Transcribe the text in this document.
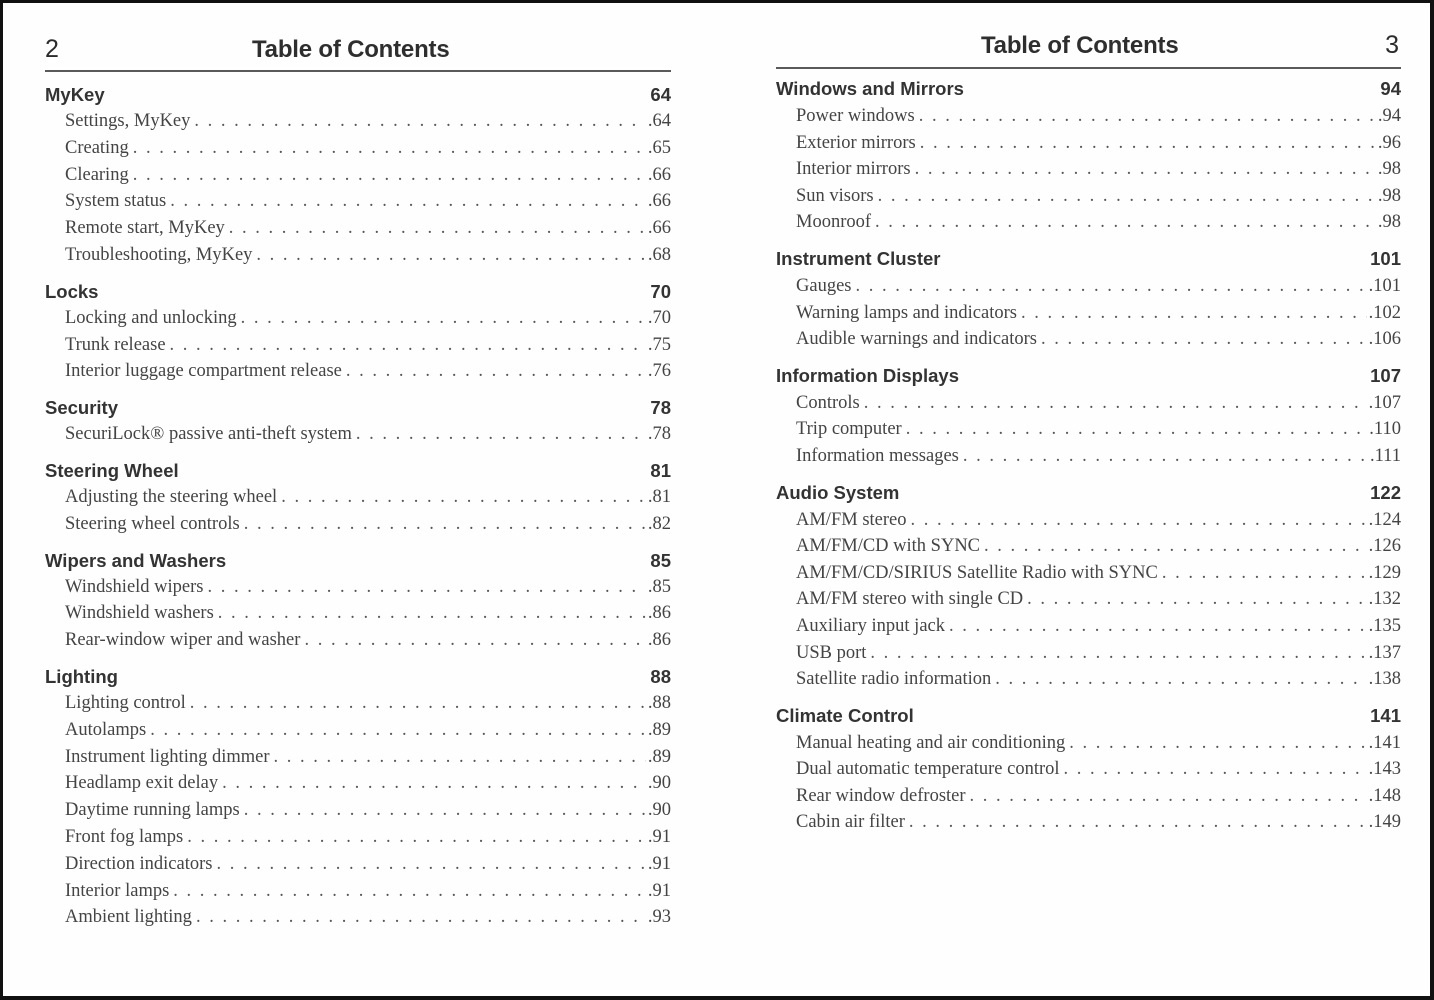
2	Table of Contents
MyKey	64
Settings, MyKey . . .	.64
Creating . . .	.65
Clearing . . .	.66
System status . . .	.66
Remote start, MyKey . . .	.66
Troubleshooting, MyKey . . .	.68
Locks	70
Locking and unlocking . . .	.70
Trunk release . . .	.75
Interior luggage compartment release . . .	.76
Security	78
SecuriLock® passive anti-theft system . . .	.78
Steering Wheel	81
Adjusting the steering wheel . . .	.81
Steering wheel controls . . .	.82
Wipers and Washers	85
Windshield wipers . . .	.85
Windshield washers . . .	.86
Rear-window wiper and washer . . .	.86
Lighting	88
Lighting control . . .	.88
Autolamps . . .	.89
Instrument lighting dimmer . . .	.89
Headlamp exit delay . . .	.90
Daytime running lamps . . .	.90
Front fog lamps . . .	.91
Direction indicators . . .	.91
Interior lamps . . .	.91
Ambient lighting . . .	.93
Table of Contents	3
Windows and Mirrors	94
Power windows . . .	.94
Exterior mirrors . . .	.96
Interior mirrors . . .	.98
Sun visors . . .	.98
Moonroof . . .	.98
Instrument Cluster	101
Gauges . . .	.101
Warning lamps and indicators . . .	.102
Audible warnings and indicators . . .	.106
Information Displays	107
Controls . . .	.107
Trip computer . . .	.110
Information messages . . .	.111
Audio System	122
AM/FM stereo . . .	.124
AM/FM/CD with SYNC . . .	.126
AM/FM/CD/SIRIUS Satellite Radio with SYNC . . .	.129
AM/FM stereo with single CD . . .	.132
Auxiliary input jack . . .	.135
USB port . . .	.137
Satellite radio information . . .	.138
Climate Control	141
Manual heating and air conditioning . . .	.141
Dual automatic temperature control . . .	.143
Rear window defroster . . .	.148
Cabin air filter . . .	.149
